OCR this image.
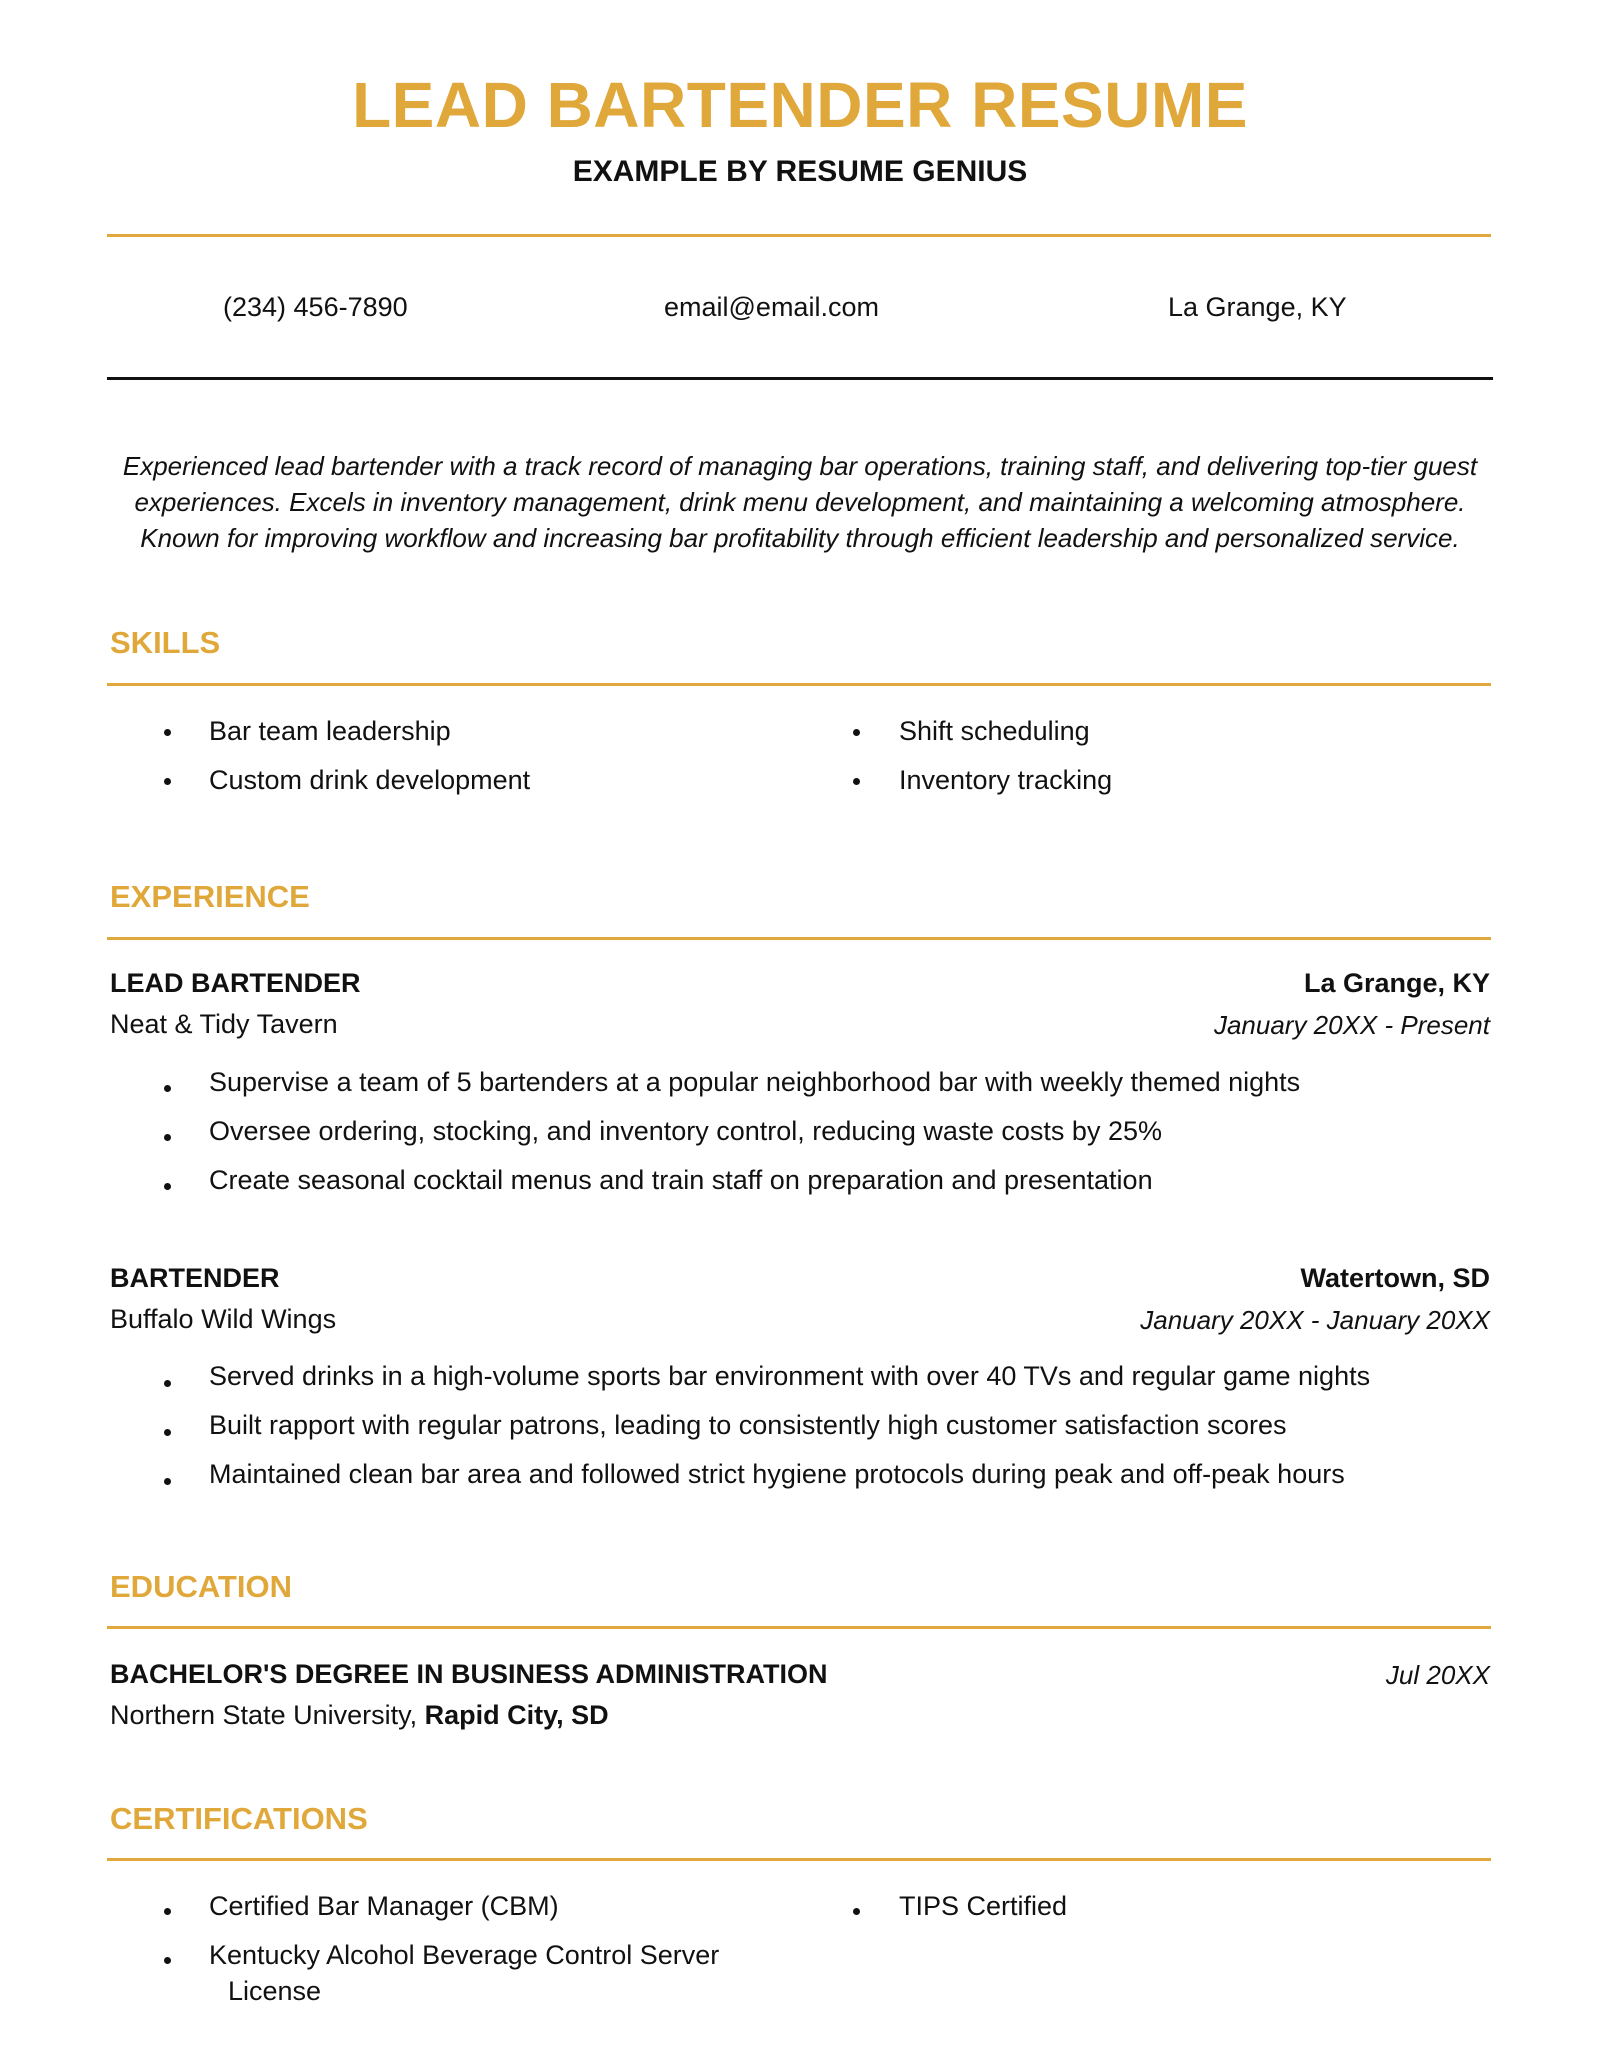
LEAD BARTENDER RESUME
EXAMPLE BY RESUME GENIUS
(234) 456-7890	email@email.com	La Grange, KY
Experienced lead bartender with a track record of managing bar operations, training staff, and delivering top-tier guest experiences. Excels in inventory management, drink menu development, and maintaining a welcoming atmosphere. Known for improving workflow and increasing bar profitability through efficient leadership and personalized service.
SKILLS
Bar team leadership
Custom drink development
Shift scheduling
Inventory tracking
EXPERIENCE
LEAD BARTENDER	La Grange, KY
Neat & Tidy Tavern	January 20XX - Present
Supervise a team of 5 bartenders at a popular neighborhood bar with weekly themed nights
Oversee ordering, stocking, and inventory control, reducing waste costs by 25%
Create seasonal cocktail menus and train staff on preparation and presentation
BARTENDER	Watertown, SD
Buffalo Wild Wings	January 20XX - January 20XX
Served drinks in a high-volume sports bar environment with over 40 TVs and regular game nights
Built rapport with regular patrons, leading to consistently high customer satisfaction scores
Maintained clean bar area and followed strict hygiene protocols during peak and off-peak hours
EDUCATION
BACHELOR'S DEGREE IN BUSINESS ADMINISTRATION	Jul 20XX
Northern State University, Rapid City, SD
CERTIFICATIONS
Certified Bar Manager (CBM)
Kentucky Alcohol Beverage Control Server
License
TIPS Certified
